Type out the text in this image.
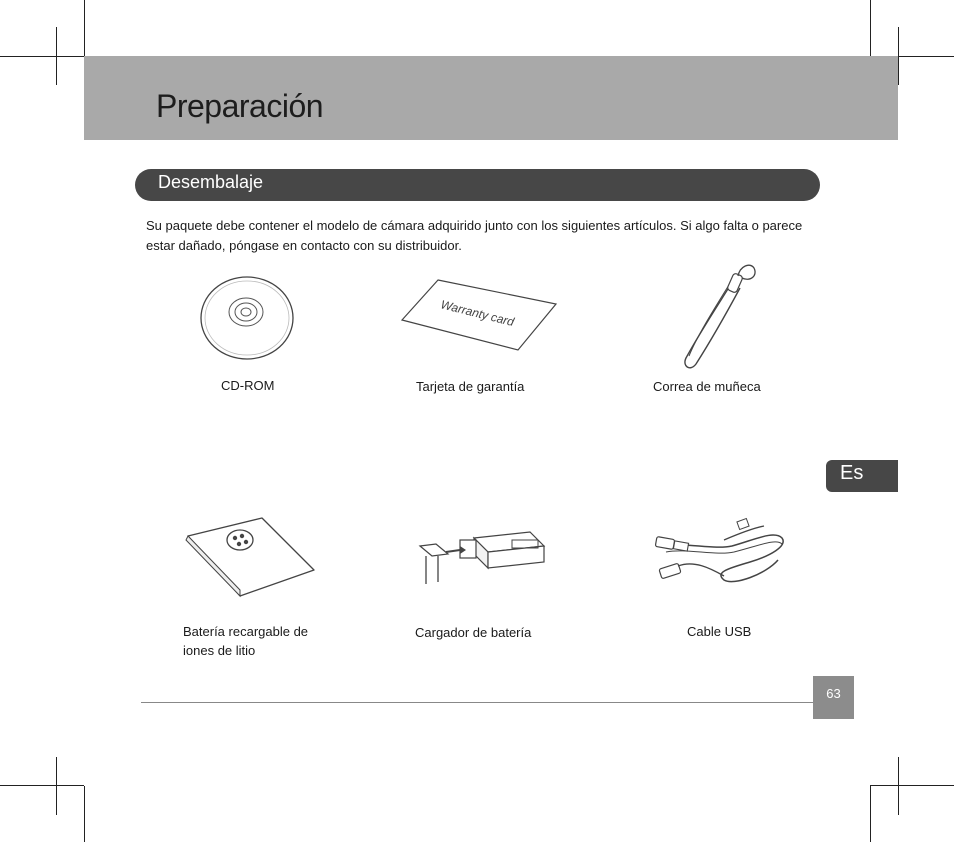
Preparación
Desembalaje
Su paquete debe contener el modelo de cámara adquirido junto con los siguientes artículos. Si algo falta o parece estar dañado, póngase en contacto con su distribuidor.
CD-ROM
Warranty card
Tarjeta de garantía	Correa de muñeca
Batería recargable de iones de litio
Cargador de batería	Cable USB
Es
63
